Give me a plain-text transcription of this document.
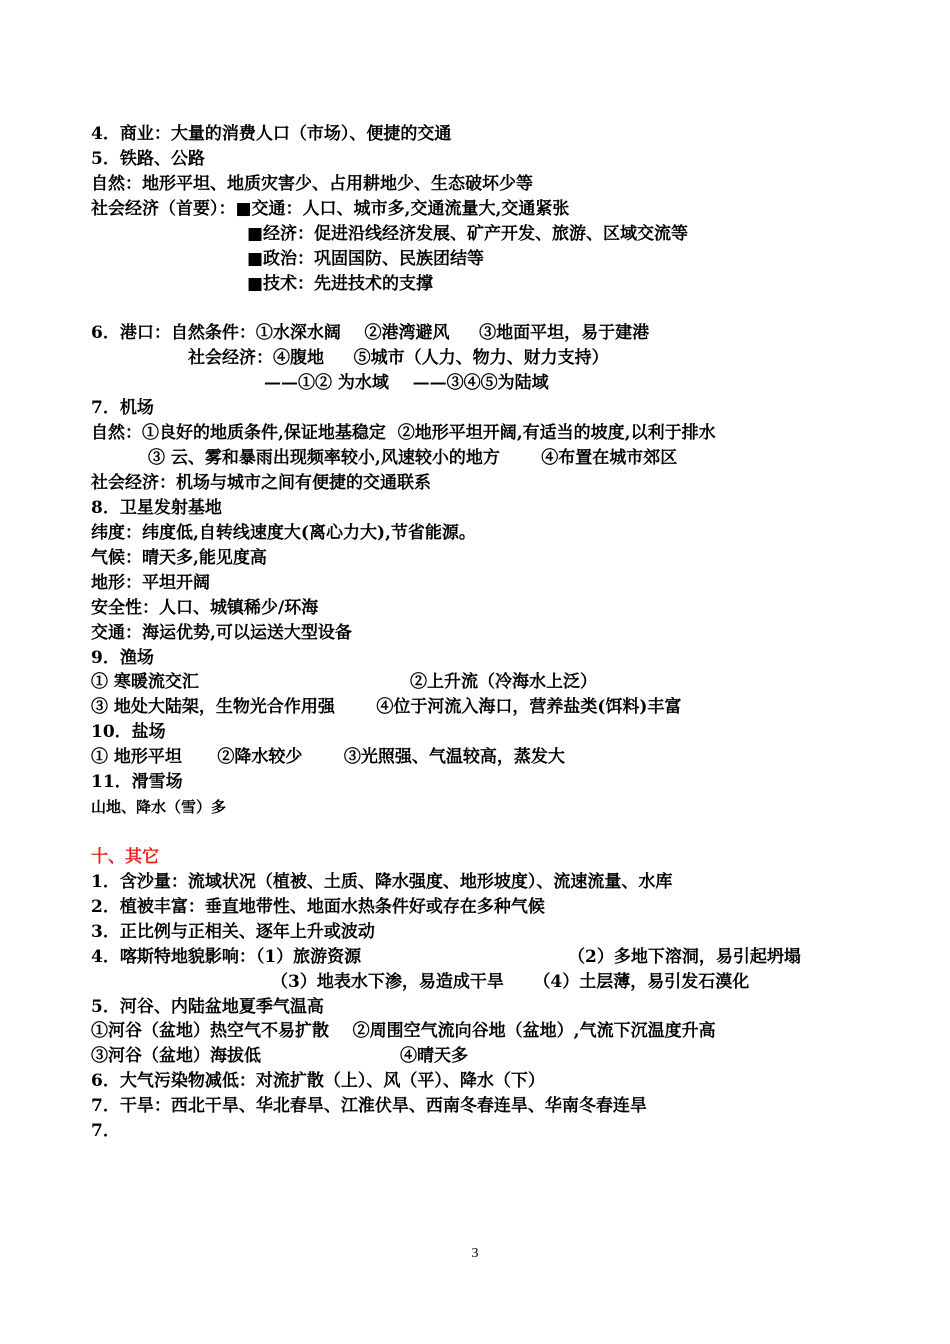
4．商业：大量的消费人口（市场）、便捷的交通
5．铁路、公路
自然：地形平坦、地质灾害少、占用耕地少、生态破坏少等
社会经济（首要）：■交通：人口、城市多,交通流量大,交通紧张
■经济：促进沿线经济发展、矿产开发、旅游、区域交流等
■政治：巩固国防、民族团结等
■技术：先进技术的支撑
6．港口：自然条件：①水深水阔    ②港湾避风     ③地面平坦，易于建港
社会经济：④腹地     ⑤城市（人力、物力、财力支持）
——①② 为水域    ——③④⑤为陆域
7．机场
自然：①良好的地质条件,保证地基稳定  ②地形平坦开阔,有适当的坡度,以利于排水
③ 云、雾和暴雨出现频率较小,风速较小的地方       ④布置在城市郊区
社会经济：机场与城市之间有便捷的交通联系
8．卫星发射基地
纬度：纬度低,自转线速度大(离心力大),节省能源。
气候：晴天多,能见度高
地形：平坦开阔
安全性：人口、城镇稀少/环海
交通：海运优势,可以运送大型设备
9．渔场
① 寒暖流交汇	②上升流（冷海水上泛）
③ 地处大陆架，生物光合作用强       ④位于河流入海口，营养盐类(饵料)丰富
10．盐场
① 地形平坦      ②降水较少       ③光照强、气温较高，蒸发大
11．滑雪场
山地、降水（雪）多
十、其它
1．含沙量：流域状况（植被、土质、降水强度、地形坡度）、流速流量、水库
2．植被丰富：垂直地带性、地面水热条件好或存在多种气候
3．正比例与正相关、逐年上升或波动
4．喀斯特地貌影响：（1）旅游资源	（2）多地下溶洞，易引起坍塌
（3）地表水下渗，易造成干旱     （4）土层薄，易引发石漠化
5．河谷、内陆盆地夏季气温高
①河谷（盆地）热空气不易扩散    ②周围空气流向谷地（盆地）,气流下沉温度升高
③河谷（盆地）海拔低	④晴天多
6．大气污染物减低：对流扩散（上）、风（平）、降水（下）
7．干旱：西北干旱、华北春旱、江淮伏旱、西南冬春连旱、华南冬春连旱
7．
3
